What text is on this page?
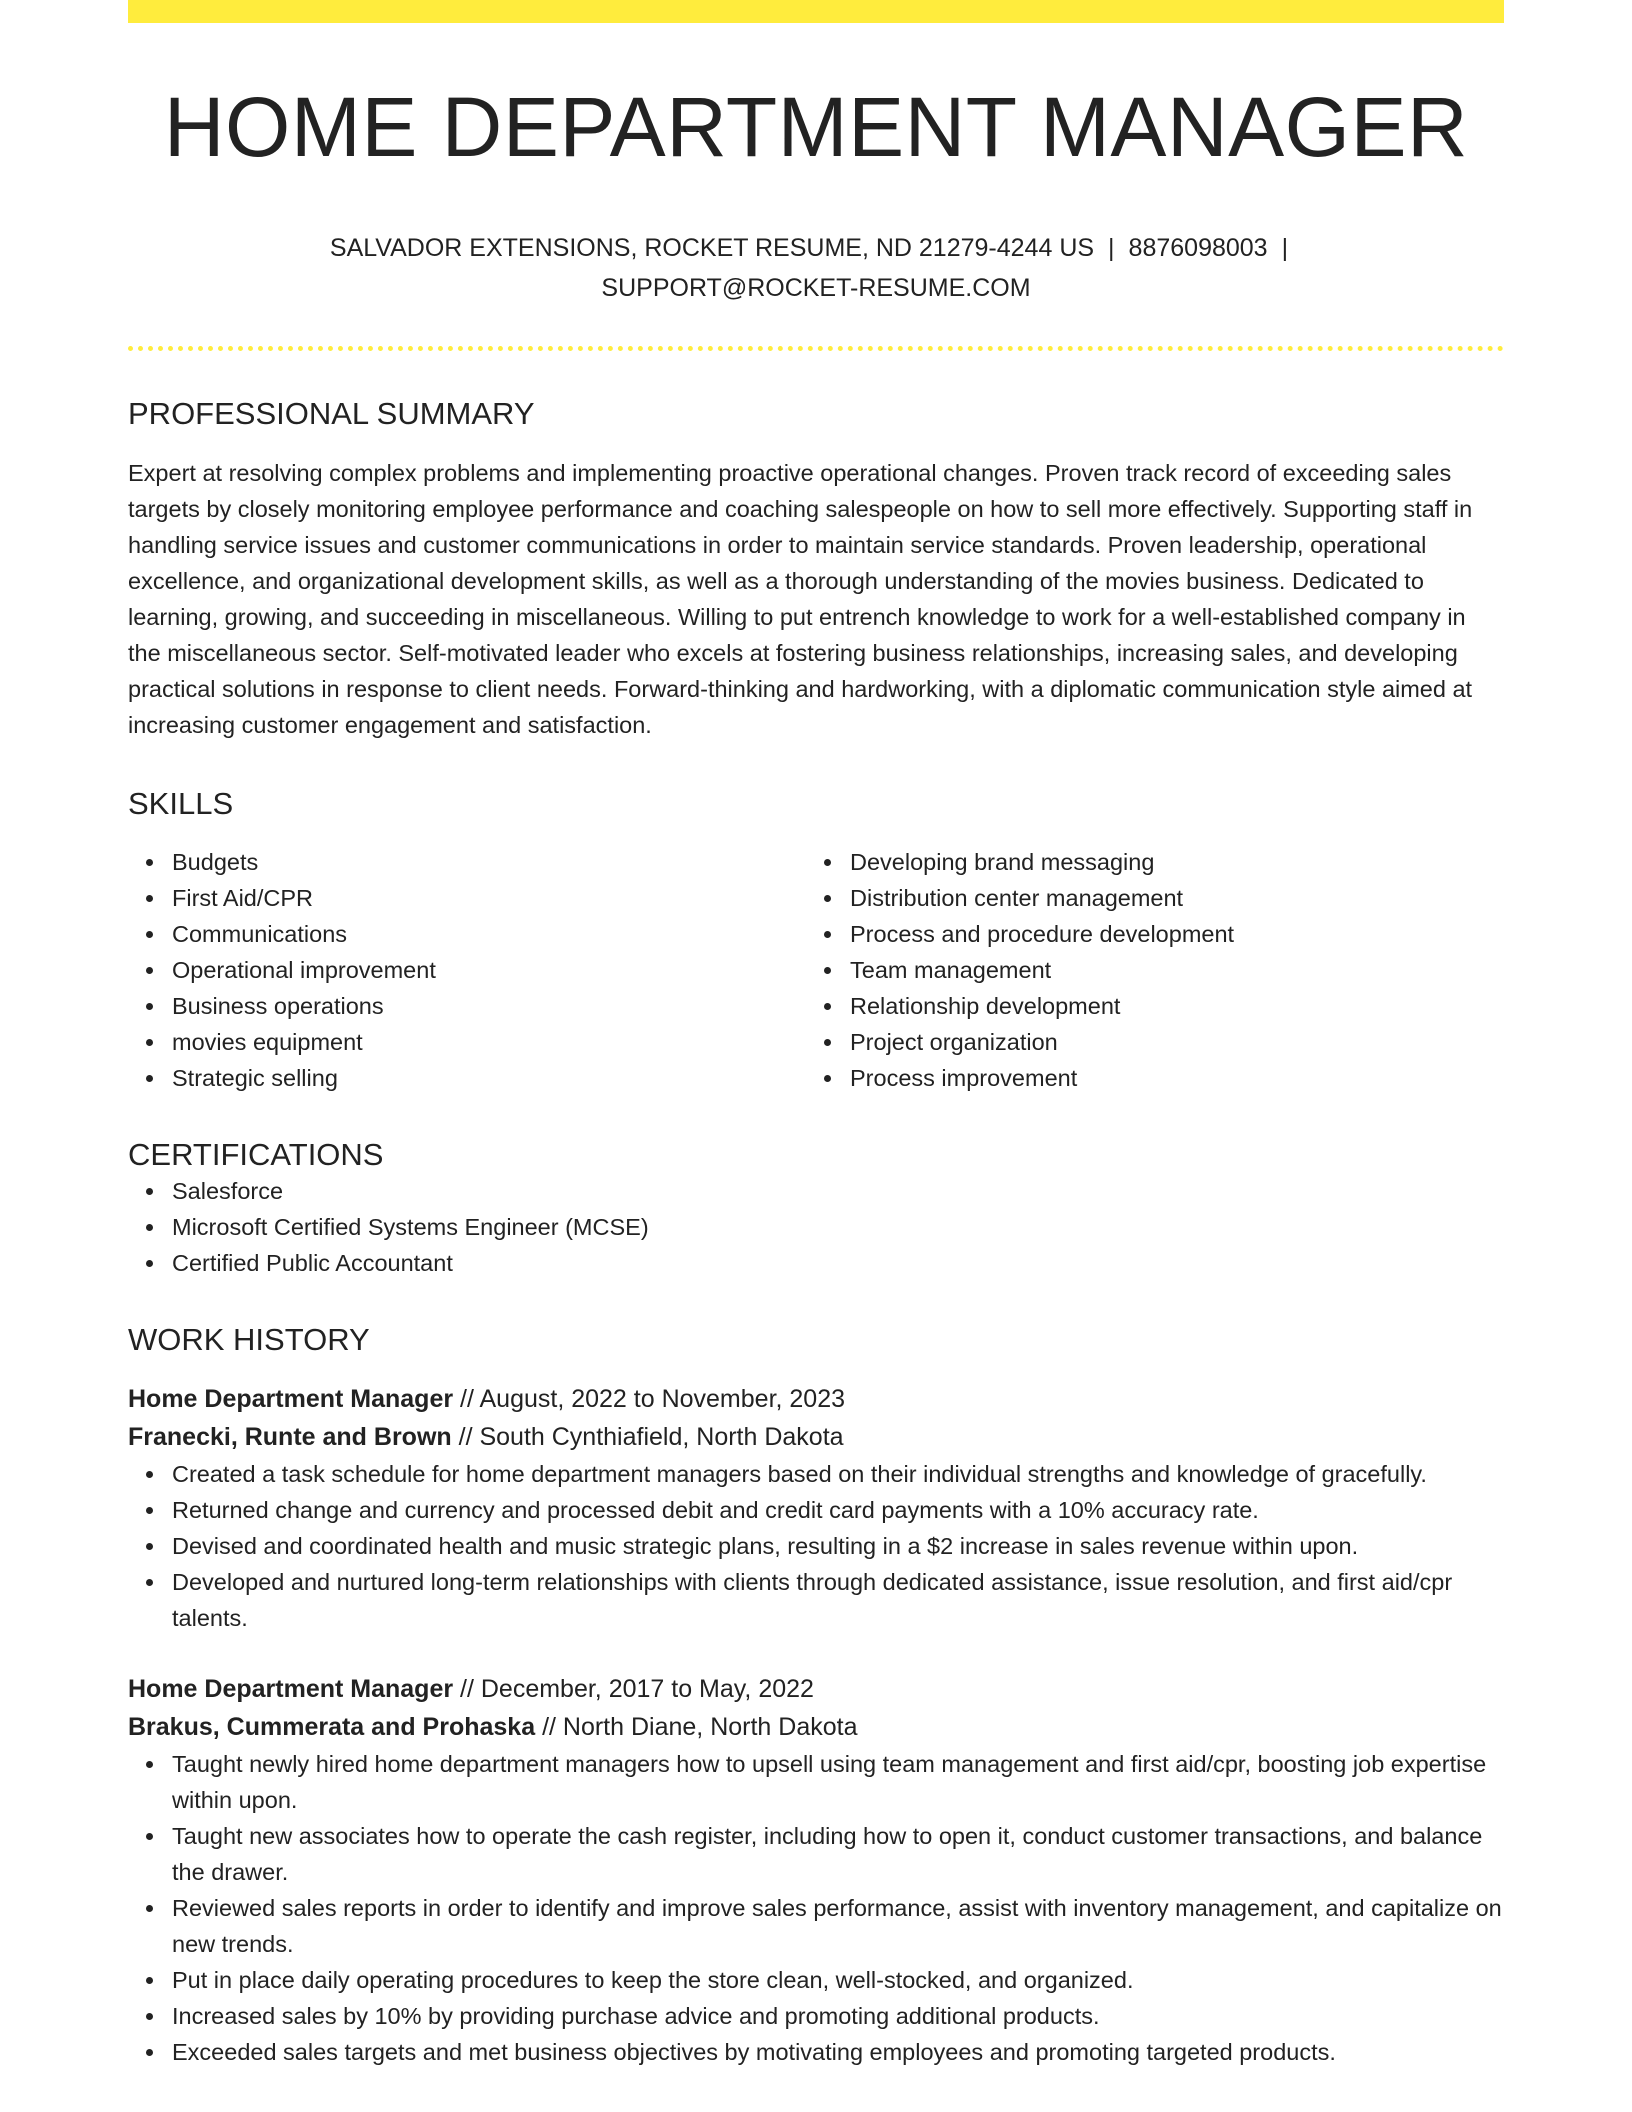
HOME DEPARTMENT MANAGER
SALVADOR EXTENSIONS, ROCKET RESUME, ND 21279-4244 US | 8876098003 |
SUPPORT@ROCKET-RESUME.COM
PROFESSIONAL SUMMARY

Expert at resolving complex problems and implementing proactive operational changes. Proven track record of exceeding sales targets by closely monitoring employee performance and coaching salespeople on how to sell more effectively. Supporting staff in handling service issues and customer communications in order to maintain service standards. Proven leadership, operational excellence, and organizational development skills, as well as a thorough understanding of the movies business. Dedicated to learning, growing, and succeeding in miscellaneous. Willing to put entrench knowledge to work for a well-established company in the miscellaneous sector. Self-motivated leader who excels at fostering business relationships, increasing sales, and developing practical solutions in response to client needs. Forward-thinking and hardworking, with a diplomatic communication style aimed at increasing customer engagement and satisfaction.

SKILLS
Budgets
First Aid/CPR
Communications
Operational improvement
Business operations
movies equipment
Strategic selling
Developing brand messaging
Distribution center management
Process and procedure development
Team management
Relationship development
Project organization
Process improvement
CERTIFICATIONS
Salesforce
Microsoft Certified Systems Engineer (MCSE)
Certified Public Accountant
WORK HISTORY
Home Department Manager // August, 2022 to November, 2023
Franecki, Runte and Brown // South Cynthiafield, North Dakota
Created a task schedule for home department managers based on their individual strengths and knowledge of gracefully.
Returned change and currency and processed debit and credit card payments with a 10% accuracy rate.
Devised and coordinated health and music strategic plans, resulting in a $2 increase in sales revenue within upon.
Developed and nurtured long-term relationships with clients through dedicated assistance, issue resolution, and first aid/cpr talents.
Home Department Manager // December, 2017 to May, 2022
Brakus, Cummerata and Prohaska // North Diane, North Dakota
Taught newly hired home department managers how to upsell using team management and first aid/cpr, boosting job expertise within upon.
Taught new associates how to operate the cash register, including how to open it, conduct customer transactions, and balance the drawer.
Reviewed sales reports in order to identify and improve sales performance, assist with inventory management, and capitalize on new trends.
Put in place daily operating procedures to keep the store clean, well-stocked, and organized.
Increased sales by 10% by providing purchase advice and promoting additional products.
Exceeded sales targets and met business objectives by motivating employees and promoting targeted products.
